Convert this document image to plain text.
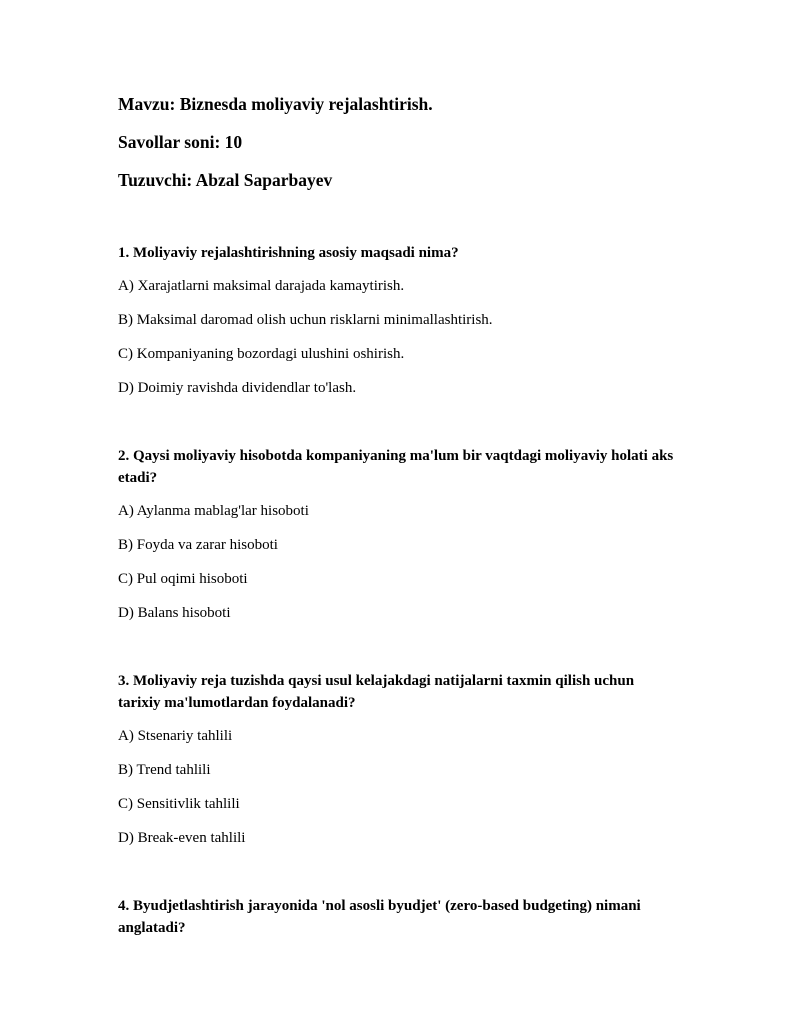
Mavzu: Biznesda moliyaviy rejalashtirish.

Savollar soni: 10

Tuzuvchi: Abzal Saparbayev

1. Moliyaviy rejalashtirishning asosiy maqsadi nima?

A) Xarajatlarni maksimal darajada kamaytirish.

B) Maksimal daromad olish uchun risklarni minimallashtirish.

C) Kompaniyaning bozordagi ulushini oshirish.

D) Doimiy ravishda dividendlar to'lash.

2. Qaysi moliyaviy hisobotda kompaniyaning ma'lum bir vaqtdagi moliyaviy holati aks etadi?

A) Aylanma mablag'lar hisoboti

B) Foyda va zarar hisoboti

C) Pul oqimi hisoboti

D) Balans hisoboti

3. Moliyaviy reja tuzishda qaysi usul kelajakdagi natijalarni taxmin qilish uchun tarixiy ma'lumotlardan foydalanadi?

A) Stsenariy tahlili

B) Trend tahlili

C) Sensitivlik tahlili

D) Break-even tahlili

4. Byudjetlashtirish jarayonida 'nol asosli byudjet' (zero-based budgeting) nimani anglatadi?
